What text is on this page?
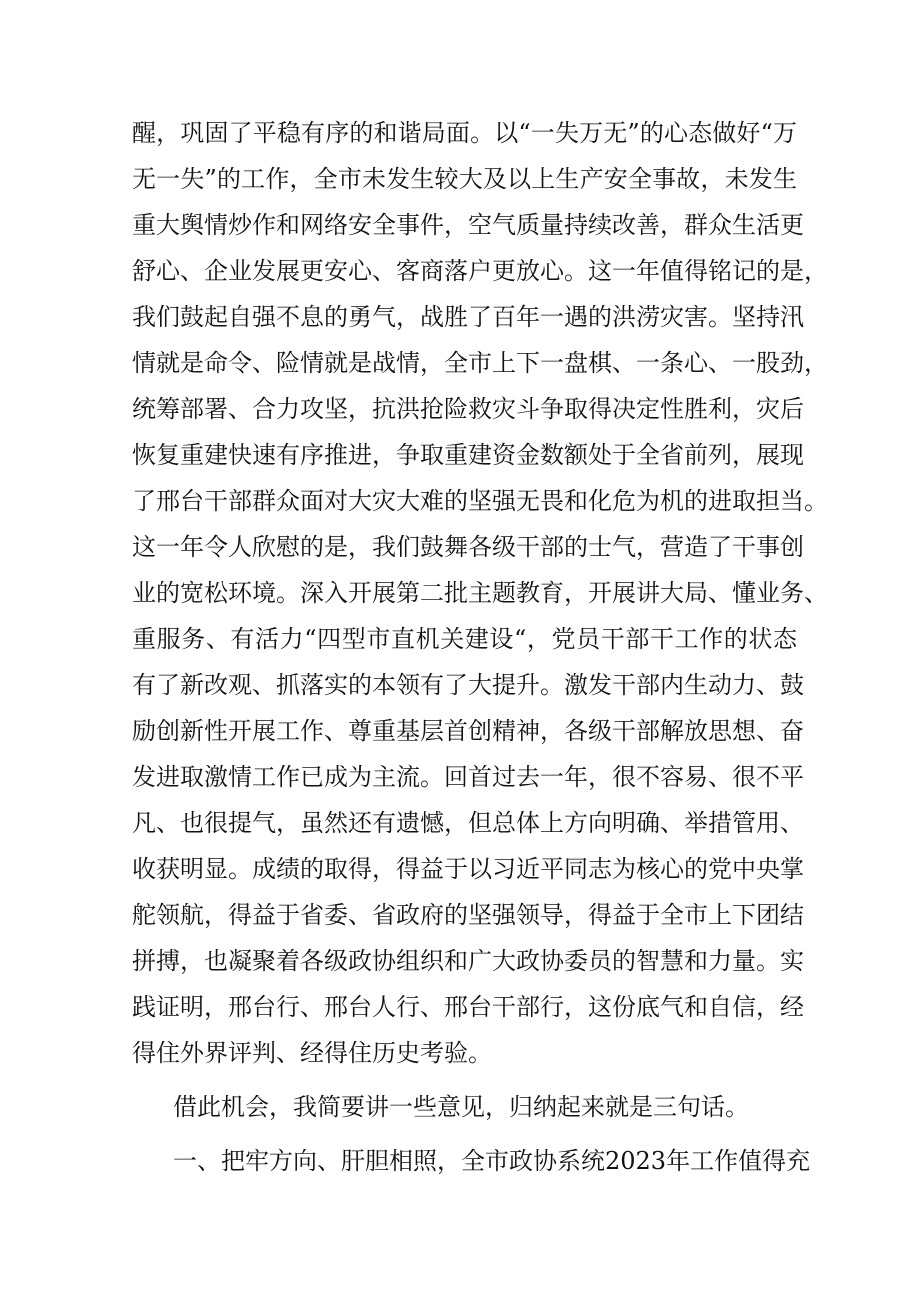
醒，巩固了平稳有序的和谐局面。以“一失万无”的心态做好“万
无一失”的工作，全市未发生较大及以上生产安全事故，未发生
重大舆情炒作和网络安全事件，空气质量持续改善，群众生活更
舒心、企业发展更安心、客商落户更放心。这一年值得铭记的是，
我们鼓起自强不息的勇气，战胜了百年一遇的洪涝灾害。坚持汛
情就是命令、险情就是战情，全市上下一盘棋、一条心、一股劲，
统筹部署、合力攻坚，抗洪抢险救灾斗争取得决定性胜利，灾后
恢复重建快速有序推进，争取重建资金数额处于全省前列，展现
了邢台干部群众面对大灾大难的坚强无畏和化危为机的进取担当。
这一年令人欣慰的是，我们鼓舞各级干部的士气，营造了干事创
业的宽松环境。深入开展第二批主题教育，开展讲大局、懂业务、
重服务、有活力“四型市直机关建设“，党员干部干工作的状态
有了新改观、抓落实的本领有了大提升。激发干部内生动力、鼓
励创新性开展工作、尊重基层首创精神，各级干部解放思想、奋
发进取激情工作已成为主流。回首过去一年，很不容易、很不平
凡、也很提气，虽然还有遗憾，但总体上方向明确、举措管用、
收获明显。成绩的取得，得益于以习近平同志为核心的党中央掌
舵领航，得益于省委、省政府的坚强领导，得益于全市上下团结
拼搏，也凝聚着各级政协组织和广大政协委员的智慧和力量。实
践证明，邢台行、邢台人行、邢台干部行，这份底气和自信，经
得住外界评判、经得住历史考验。
借此机会，我简要讲一些意见，归纳起来就是三句话。
一、把牢方向、肝胆相照，全市政协系统2023年工作值得充
